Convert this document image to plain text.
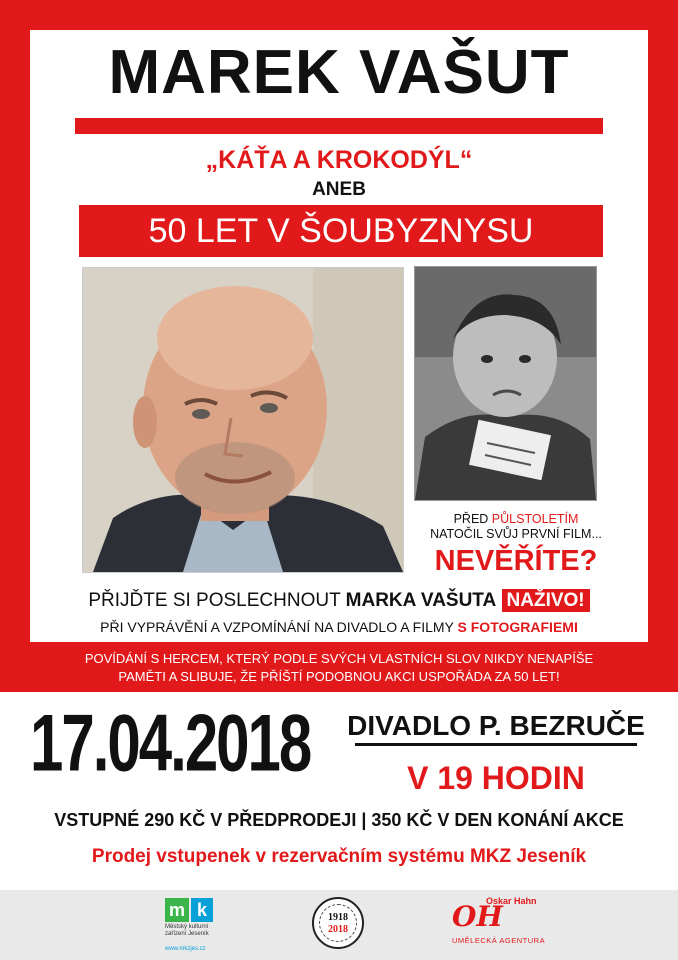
MAREK VAŠUT
„KÁŤA A KROKODÝL“
ANEB
50 LET V ŠOUBYZNYSU
PŘED PŮLSTOLETÍM
NATOČIL SVŮJ PRVNÍ FILM...
NEVĚŘÍTE?
PŘIJĎTE SI POSLECHNOUT MARKA VAŠUTA NAŽIVO!
PŘI VYPRÁVĚNÍ A VZPOMÍNÁNÍ NA DIVADLO A FILMY S FOTOGRAFIEMI
POVÍDÁNÍ S HERCEM, KTERÝ PODLE SVÝCH VLASTNÍCH SLOV NIKDY NENAPÍŠE
PAMĚTI A SLIBUJE, ŽE PŘÍŠTÍ PODOBNOU AKCI USPOŘÁDA ZA 50 LET!
17.04.2018	DIVADLO P. BEZRUČE
V 19 HODIN
VSTUPNÉ 290 KČ V PŘEDPRODEJI | 350 KČ V DEN KONÁNÍ AKCE
Prodej vstupenek v rezervačním systému MKZ Jeseník
m k
Městský kulturní zařízení Jeseník
www.mkzjes.cz
1918
2018
Oskar Hahn
OH
UMĚLECKÁ AGENTURA
